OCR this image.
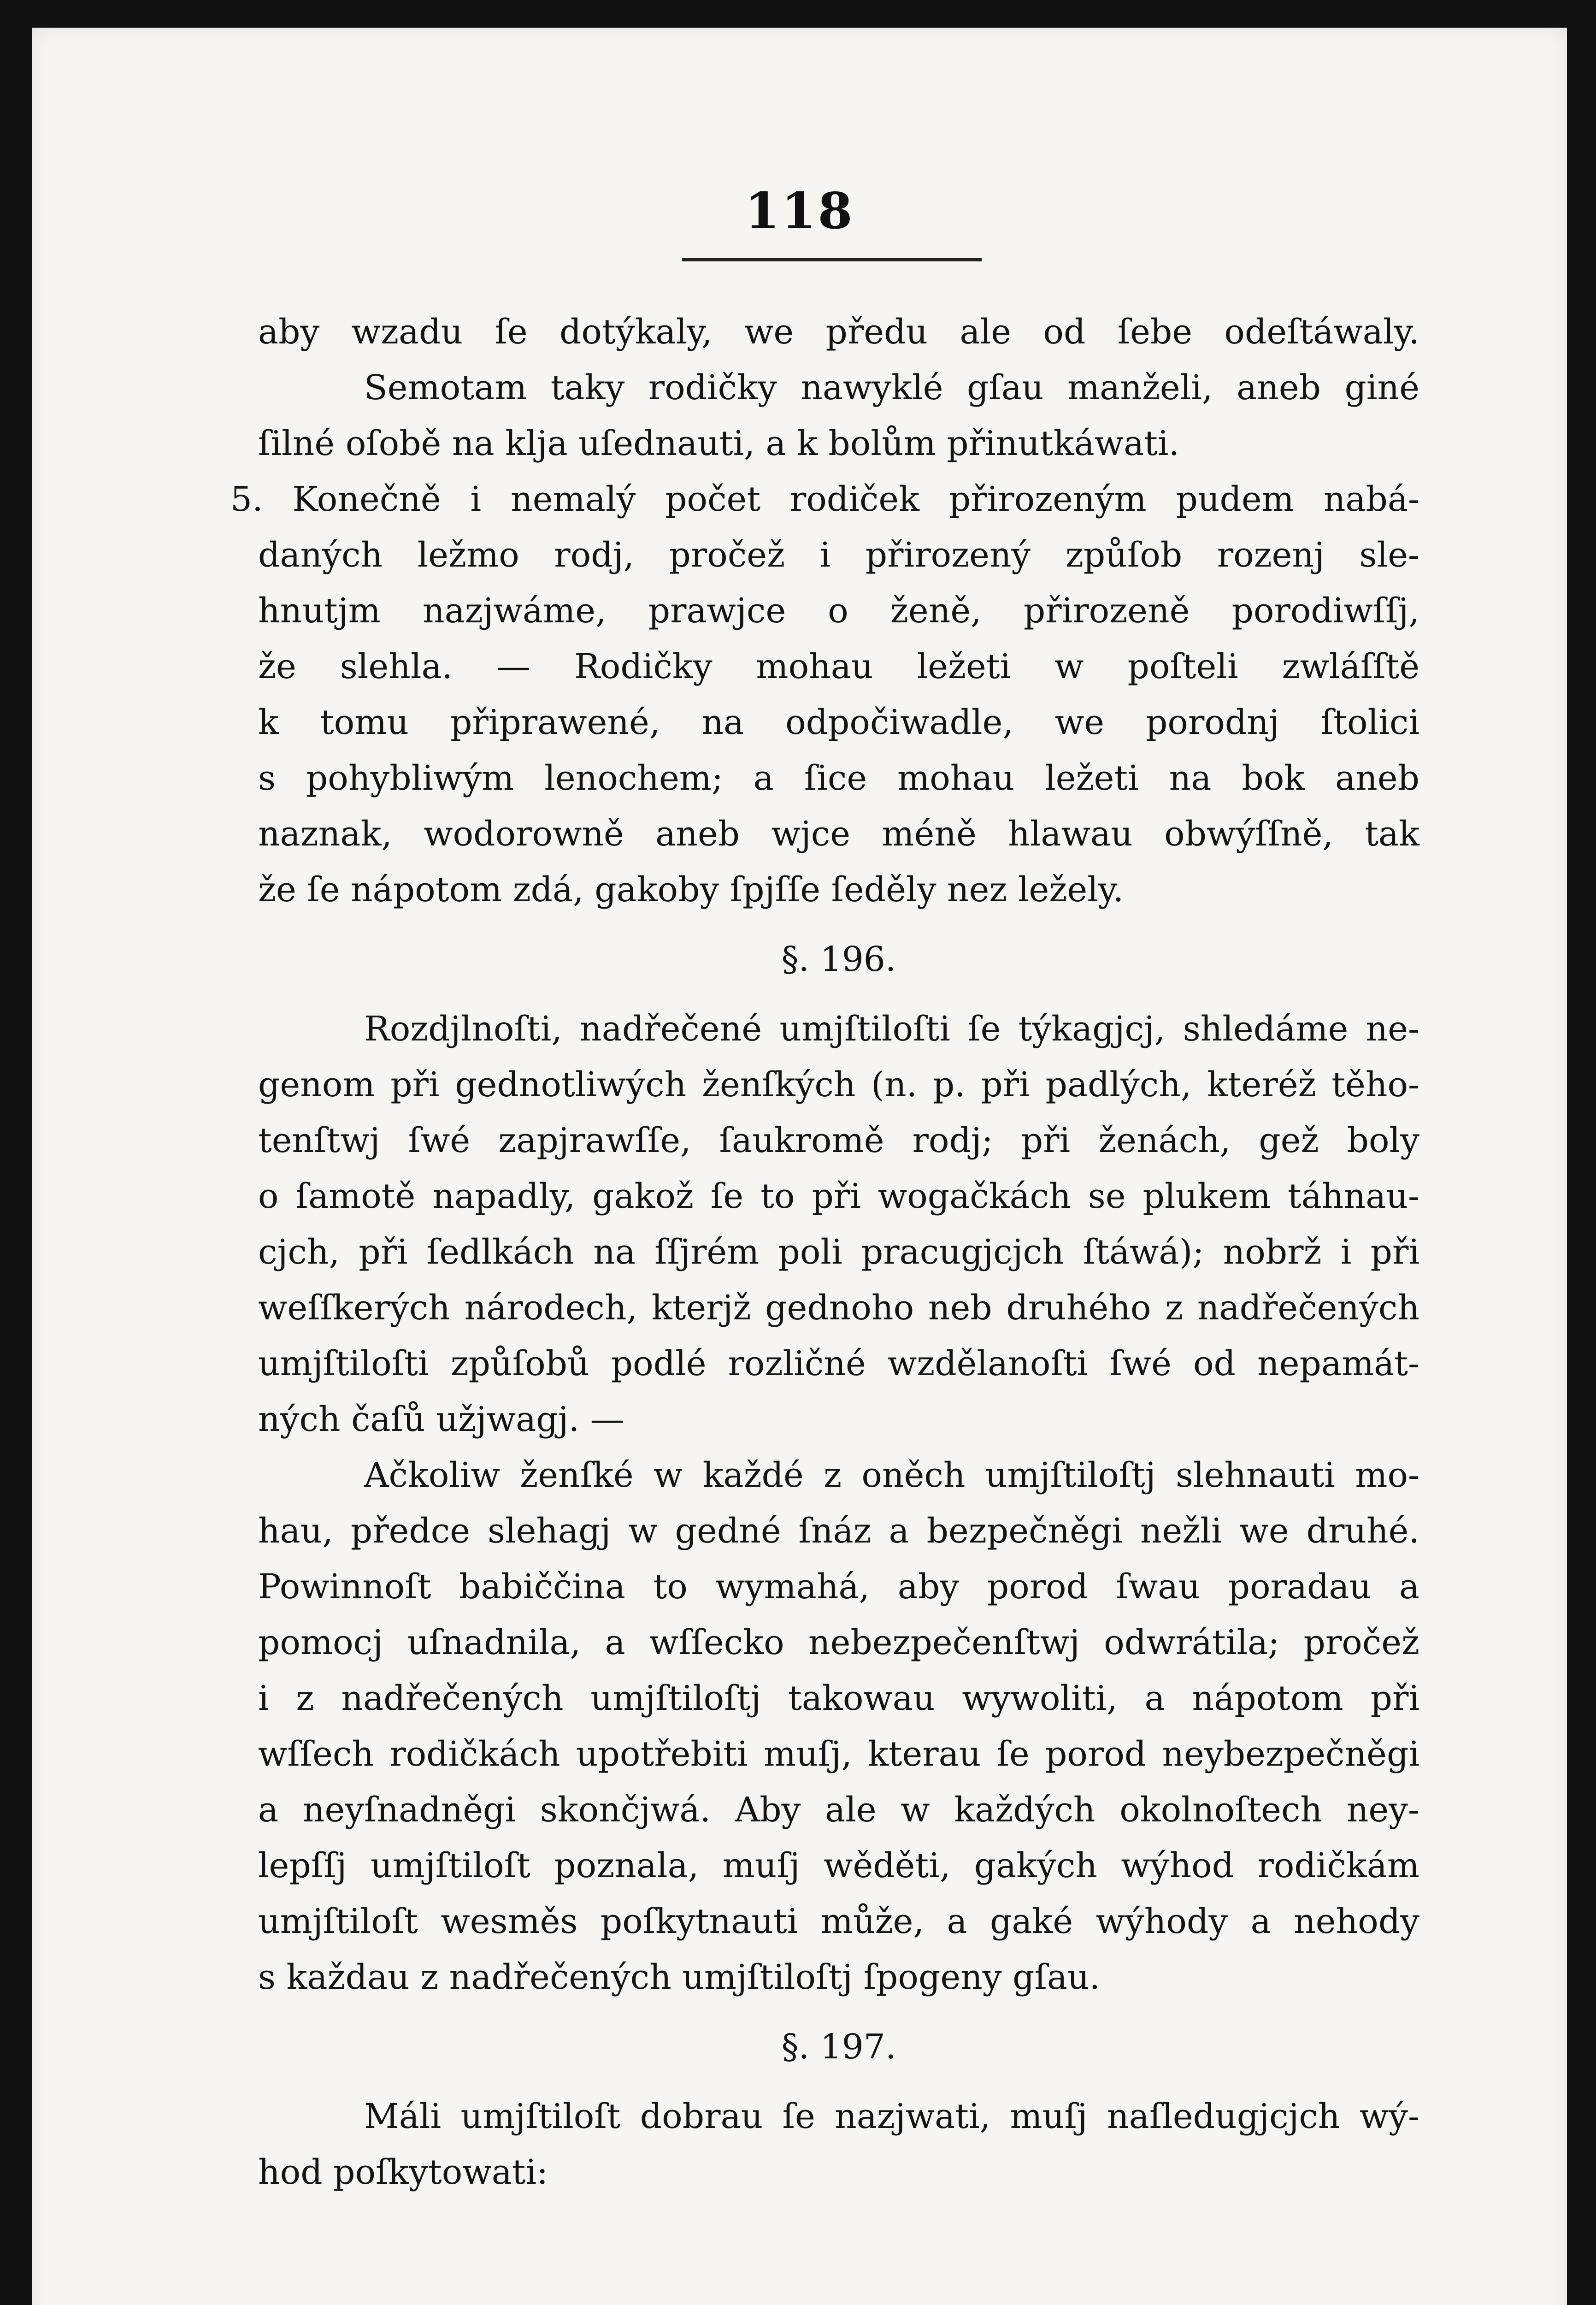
118
aby wzadu ſe dotýkaly, we předu ale od ſebe odeſtáwaly.
Semotam taky rodičky nawyklé gſau manželi, aneb giné
ſilné oſobě na klja uſednauti, a k bolům přinutkáwati.
5. Konečně i nemalý počet rodiček přirozeným pudem nabá-
daných ležmo rodj, pročež i přirozený způſob rozenj sle-
hnutjm nazjwáme, prawjce o ženě, přirozeně porodiwſſj,
že slehla. — Rodičky mohau ležeti w poſteli zwláſſtě
k tomu připrawené, na odpočiwadle, we porodnj ſtolici
s pohybliwým lenochem; a ſice mohau ležeti na bok aneb
naznak, wodorowně aneb wjce méně hlawau obwýſſně, tak
že ſe nápotom zdá, gakoby ſpjſſe ſeděly nez ležely.
§. 196.
Rozdjlnoſti, nadřečené umjſtiloſti ſe týkagjcj, shledáme ne-
genom při gednotliwých ženſkých (n. p. při padlých, kteréž těho-
tenſtwj ſwé zapjrawſſe, ſaukromě rodj; při ženách, gež boly
o ſamotě napadly, gakož ſe to při wogačkách se plukem táhnau-
cjch, při ſedlkách na ſſjrém poli pracugjcjch ſtáwá); nobrž i při
weſſkerých národech, kterjž gednoho neb druhého z nadřečených
umjſtiloſti způſobů podlé rozličné wzdělanoſti ſwé od nepamát-
ných čaſů užjwagj. —
Ačkoliw ženſké w každé z oněch umjſtiloſtj slehnauti mo-
hau, předce slehagj w gedné ſnáz a bezpečněgi nežli we druhé.
Powinnoſt babiččina to wymahá, aby porod ſwau poradau a
pomocj uſnadnila, a wſſecko nebezpečenſtwj odwrátila; pročež
i z nadřečených umjſtiloſtj takowau wywoliti, a nápotom při
wſſech rodičkách upotřebiti muſj, kterau ſe porod neybezpečněgi
a neyſnadněgi skončjwá. Aby ale w každých okolnoſtech ney-
lepſſj umjſtiloſt poznala, muſj wěděti, gakých wýhod rodičkám
umjſtiloſt wesměs poſkytnauti může, a gaké wýhody a nehody
s každau z nadřečených umjſtiloſtj ſpogeny gſau.
§. 197.
Máli umjſtiloſt dobrau ſe nazjwati, muſj naſledugjcjch wý-
hod poſkytowati:
